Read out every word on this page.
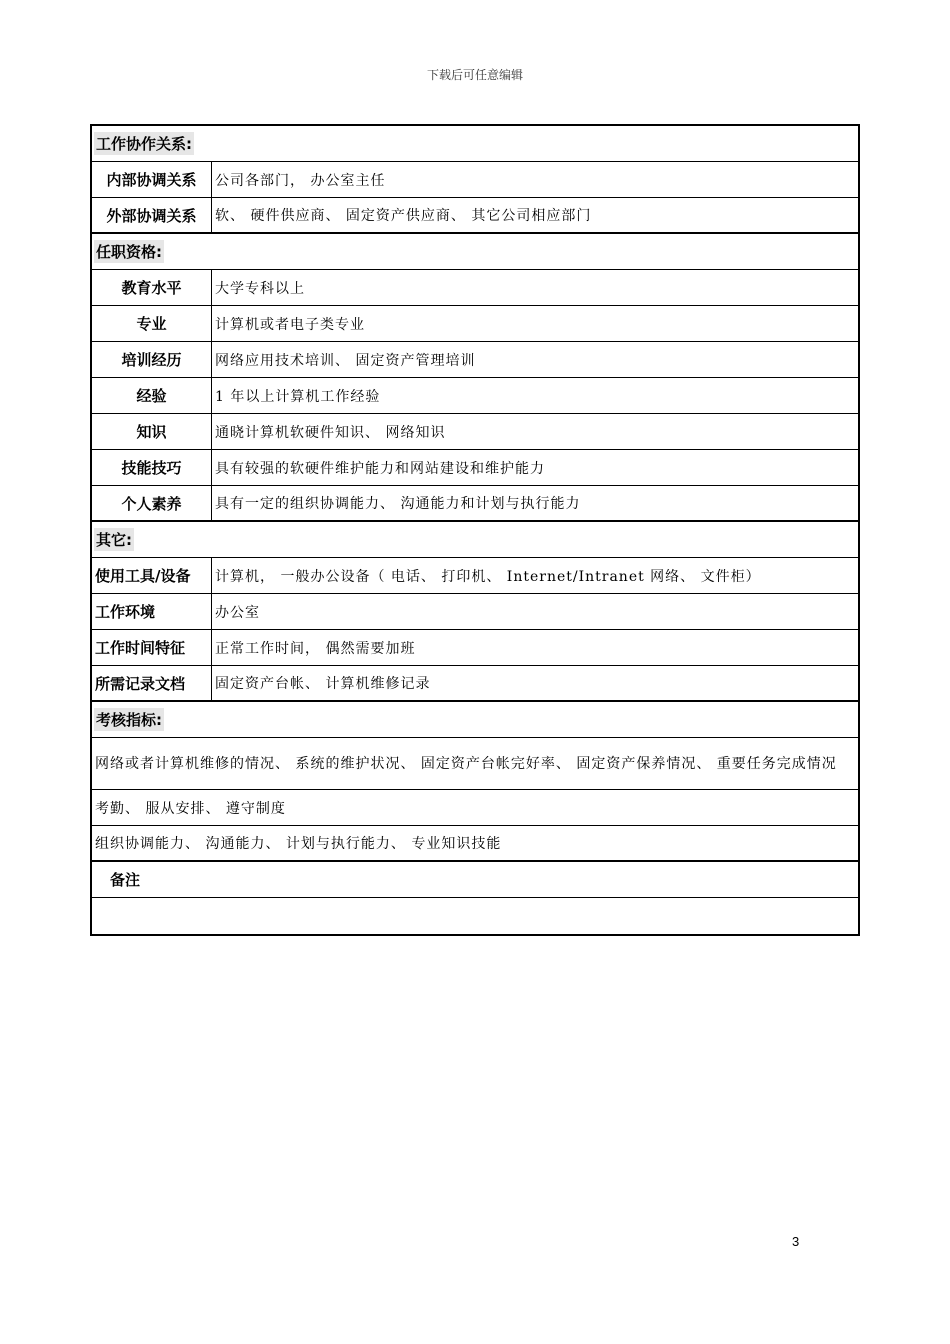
下载后可任意编辑
工作协作关系:
内部协调关系	公司各部门， 办公室主任
外部协调关系	软、 硬件供应商、 固定资产供应商、 其它公司相应部门
任职资格:
教育水平	大学专科以上
专业	计算机或者电子类专业
培训经历	网络应用技术培训、 固定资产管理培训
经验	1 年以上计算机工作经验
知识	通晓计算机软硬件知识、 网络知识
技能技巧	具有较强的软硬件维护能力和网站建设和维护能力
个人素养	具有一定的组织协调能力、 沟通能力和计划与执行能力
其它:
使用工具/设备	计算机， 一般办公设备（ 电话、 打印机、 Internet/Intranet 网络、 文件柜）
工作环境	办公室
工作时间特征	正常工作时间， 偶然需要加班
所需记录文档	固定资产台帐、 计算机维修记录
考核指标:
网络或者计算机维修的情况、 系统的维护状况、 固定资产台帐完好率、 固定资产保养情况、 重要任务完成情况
考勤、 服从安排、 遵守制度
组织协调能力、 沟通能力、 计划与执行能力、 专业知识技能
备注
3
